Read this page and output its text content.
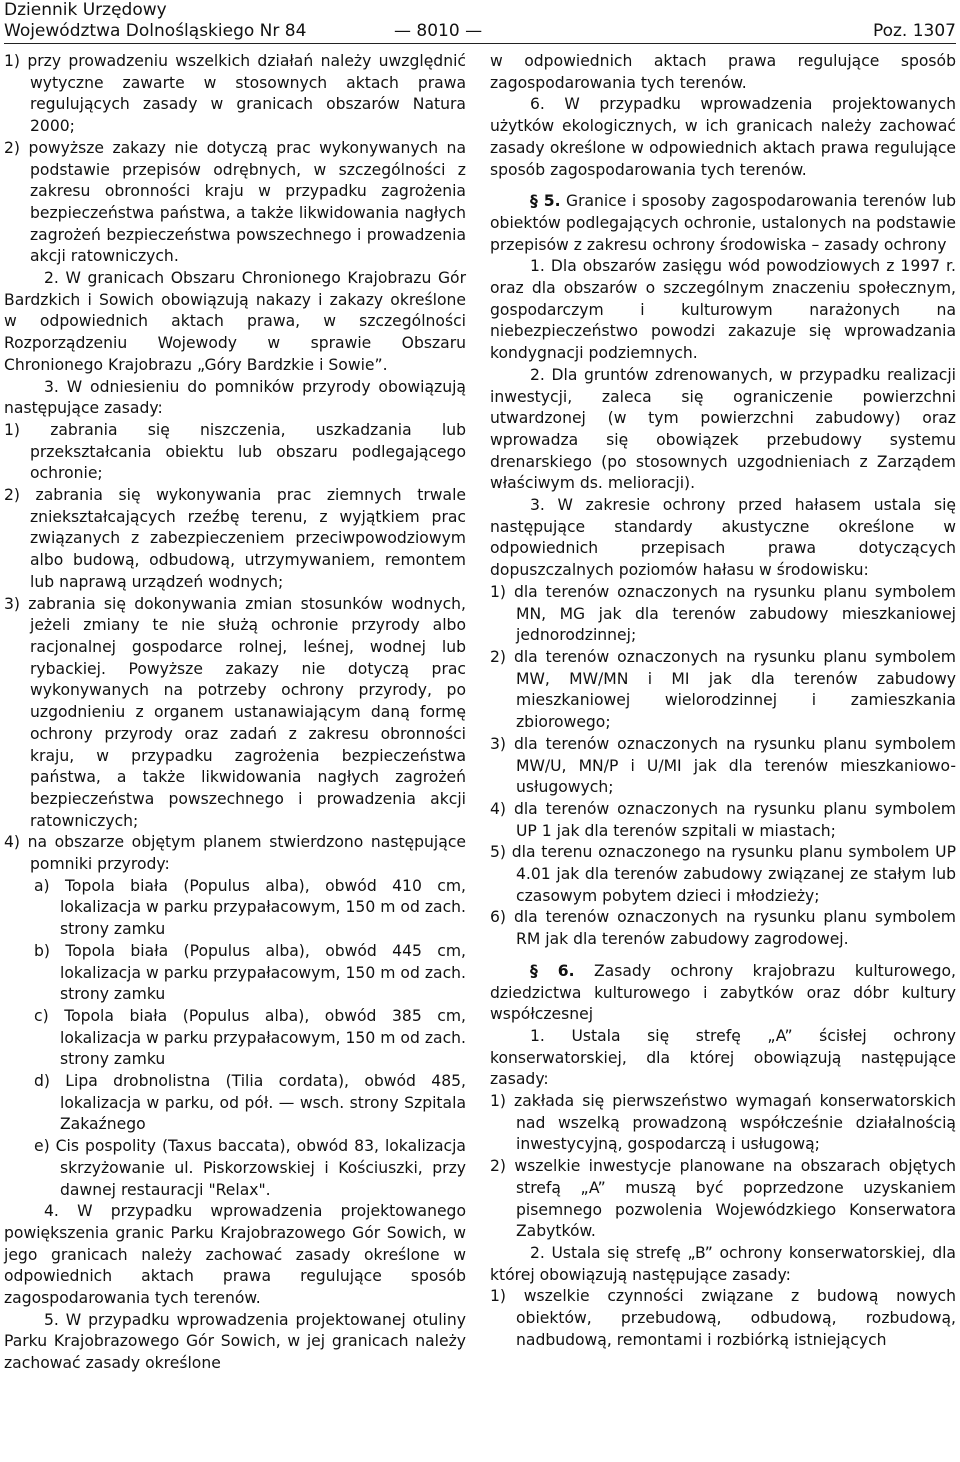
Dziennik Urzędowy
Województwa Dolnośląskiego Nr 84	— 8010 —	Poz. 1307

1) przy prowadzeniu wszelkich działań należy uwzględnić wytyczne zawarte w stosownych aktach prawa regulujących zasady w granicach obszarów Natura 2000;

2) powyższe zakazy nie dotyczą prac wykonywanych na podstawie przepisów odrębnych, w szczególności z zakresu obronności kraju w przypadku zagrożenia bezpieczeństwa państwa, a także likwidowania nagłych zagrożeń bezpieczeństwa powszechnego i prowadzenia akcji ratowniczych.

2. W granicach Obszaru Chronionego Krajobrazu Gór Bardzkich i Sowich obowiązują nakazy i zakazy określone w odpowiednich aktach prawa, w szczególności Rozporządzeniu Wojewody w sprawie Obszaru Chronionego Krajobrazu „Góry Bardzkie i Sowie”.

3. W odniesieniu do pomników przyrody obowiązują następujące zasady:

1) zabrania się niszczenia, uszkadzania lub przekształcania obiektu lub obszaru podlegającego ochronie;

2) zabrania się wykonywania prac ziemnych trwale zniekształcających rzeźbę terenu, z wyjątkiem prac związanych z zabezpieczeniem przeciwpowodziowym albo budową, odbudową, utrzymywaniem, remontem lub naprawą urządzeń wodnych;

3) zabrania się dokonywania zmian stosunków wodnych, jeżeli zmiany te nie służą ochronie przyrody albo racjonalnej gospodarce rolnej, leśnej, wodnej lub rybackiej. Powyższe zakazy nie dotyczą prac wykonywanych na potrzeby ochrony przyrody, po uzgodnieniu z organem ustanawiającym daną formę ochrony przyrody oraz zadań z zakresu obronności kraju, w przypadku zagrożenia bezpieczeństwa państwa, a także likwidowania nagłych zagrożeń bezpieczeństwa powszechnego i prowadzenia akcji ratowniczych;

4) na obszarze objętym planem stwierdzono następujące pomniki przyrody:

a) Topola biała (Populus alba), obwód 410 cm, lokalizacja w parku przypałacowym, 150 m od zach. strony zamku

b) Topola biała (Populus alba), obwód 445 cm, lokalizacja w parku przypałacowym, 150 m od zach. strony zamku

c) Topola biała (Populus alba), obwód 385 cm, lokalizacja w parku przypałacowym, 150 m od zach. strony zamku

d) Lipa drobnolistna (Tilia cordata), obwód 485, lokalizacja w parku, od pół. — wsch. strony Szpitala Zakaźnego

e) Cis pospolity (Taxus baccata), obwód 83, lokalizacja skrzyżowanie ul. Piskorzowskiej i Kościuszki, przy dawnej restauracji "Relax".

4. W przypadku wprowadzenia projektowanego powiększenia granic Parku Krajobrazowego Gór Sowich, w jego granicach należy zachować zasady określone w odpowiednich aktach prawa regulujące sposób zagospodarowania tych terenów.

5. W przypadku wprowadzenia projektowanej otuliny Parku Krajobrazowego Gór Sowich, w jej granicach należy zachować zasady określone

w odpowiednich aktach prawa regulujące sposób zagospodarowania tych terenów.

6. W przypadku wprowadzenia projektowanych użytków ekologicznych, w ich granicach należy zachować zasady określone w odpowiednich aktach prawa regulujące sposób zagospodarowania tych terenów.

§ 5. Granice i sposoby zagospodarowania terenów lub obiektów podlegających ochronie, ustalonych na podstawie przepisów z zakresu ochrony środowiska – zasady ochrony

1. Dla obszarów zasięgu wód powodziowych z 1997 r. oraz dla obszarów o szczególnym znaczeniu społecznym, gospodarczym i kulturowym narażonych na niebezpieczeństwo powodzi zakazuje się wprowadzania kondygnacji podziemnych.

2. Dla gruntów zdrenowanych, w przypadku realizacji inwestycji, zaleca się ograniczenie powierzchni utwardzonej (w tym powierzchni zabudowy) oraz wprowadza się obowiązek przebudowy systemu drenarskiego (po stosownych uzgodnieniach z Zarządem właściwym ds. melioracji).

3. W zakresie ochrony przed hałasem ustala się następujące standardy akustyczne określone w odpowiednich przepisach prawa dotyczących dopuszczalnych poziomów hałasu w środowisku:

1) dla terenów oznaczonych na rysunku planu symbolem MN, MG jak dla terenów zabudowy mieszkaniowej jednorodzinnej;

2) dla terenów oznaczonych na rysunku planu symbolem MW, MW/MN i MI jak dla terenów zabudowy mieszkaniowej wielorodzinnej i zamieszkania zbiorowego;

3) dla terenów oznaczonych na rysunku planu symbolem MW/U, MN/P i U/MI jak dla terenów mieszkaniowo-usługowych;

4) dla terenów oznaczonych na rysunku planu symbolem UP 1 jak dla terenów szpitali w miastach;

5) dla terenu oznaczonego na rysunku planu symbolem UP 4.01 jak dla terenów zabudowy związanej ze stałym lub czasowym pobytem dzieci i młodzieży;

6) dla terenów oznaczonych na rysunku planu symbolem RM jak dla terenów zabudowy zagrodowej.

§ 6. Zasady ochrony krajobrazu kulturowego, dziedzictwa kulturowego i zabytków oraz dóbr kultury współczesnej

1. Ustala się strefę „A” ścisłej ochrony konserwatorskiej, dla której obowiązują następujące zasady:

1) zakłada się pierwszeństwo wymagań konserwatorskich nad wszelką prowadzoną współcześnie działalnością inwestycyjną, gospodarczą i usługową;

2) wszelkie inwestycje planowane na obszarach objętych strefą „A” muszą być poprzedzone uzyskaniem pisemnego pozwolenia Wojewódzkiego Konserwatora Zabytków.

2. Ustala się strefę „B” ochrony konserwatorskiej, dla której obowiązują następujące zasady:

1) wszelkie czynności związane z budową nowych obiektów, przebudową, odbudową, rozbudową, nadbudową, remontami i rozbiórką istniejących
